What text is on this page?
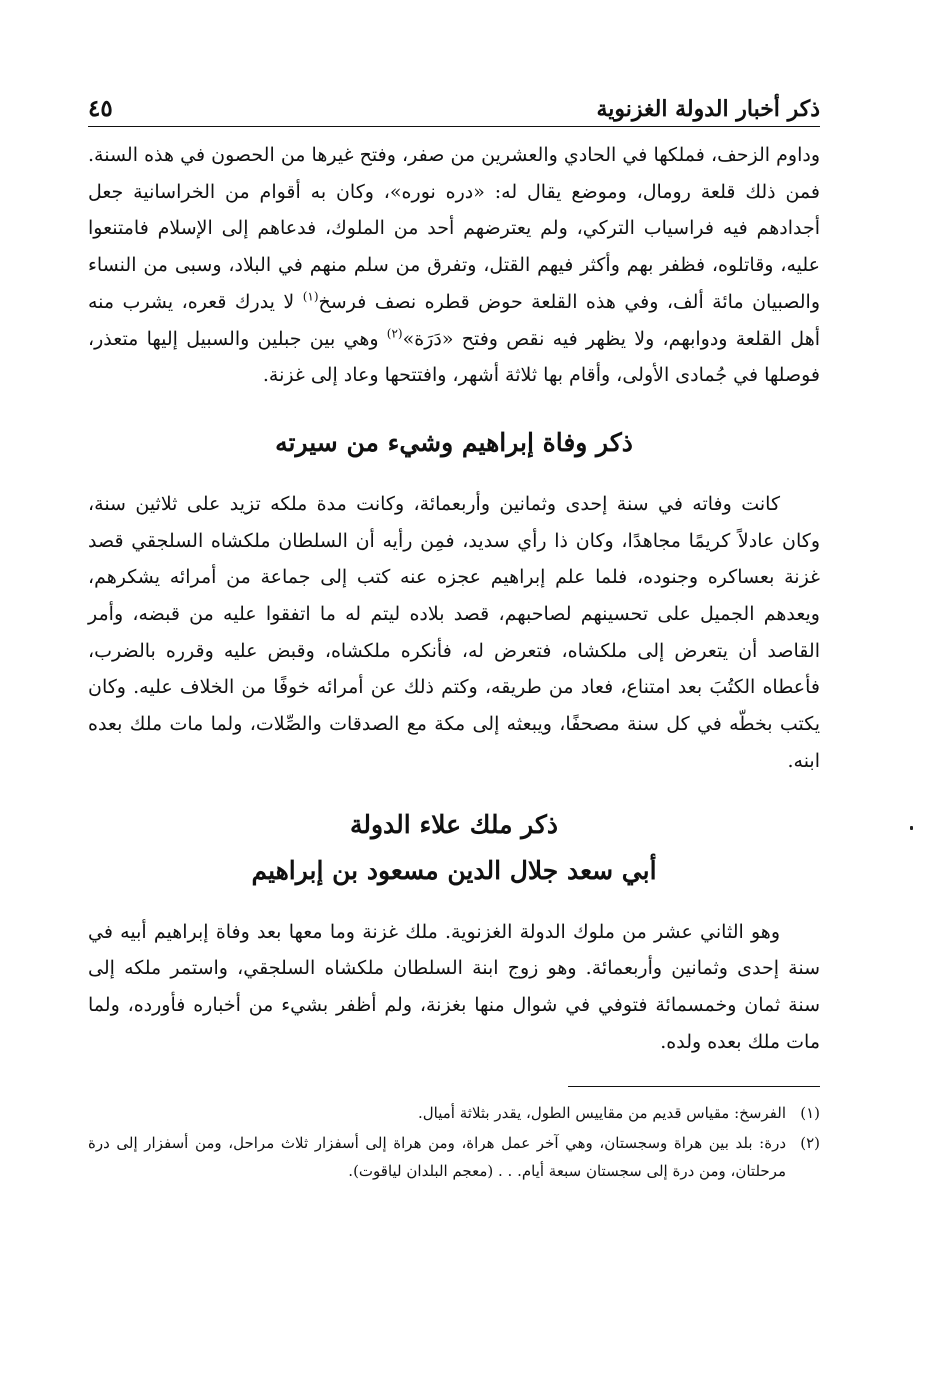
ذكر أخبار الدولة الغزنوية
٤٥

وداوم الزحف، فملكها في الحادي والعشرين من صفر، وفتح غيرها من الحصون في هذه السنة. فمن ذلك قلعة رومال، وموضع يقال له: «دره نوره»، وكان به أقوام من الخراسانية جعل أجدادهم فيه فراسياب التركي، ولم يعترضهم أحد من الملوك، فدعاهم إلى الإسلام فامتنعوا عليه، وقاتلوه، فظفر بهم وأكثر فيهم القتل، وتفرق من سلم منهم في البلاد، وسبى من النساء والصبيان مائة ألف، وفي هذه القلعة حوض قطره نصف فرسخ$^{(١)}$ لا يدرك قعره، يشرب منه أهل القلعة ودوابهم، ولا يظهر فيه نقص وفتح «دَرَة»$^{(٢)}$ وهي بين جبلين والسبيل إليها متعذر، فوصلها في جُمادى الأولى، وأقام بها ثلاثة أشهر، وافتتحها وعاد إلى غزنة.

ذكر وفاة إبراهيم وشيء من سيرته

كانت وفاته في سنة إحدى وثمانين وأربعمائة، وكانت مدة ملكه تزيد على ثلاثين سنة، وكان عادلاً كريمًا مجاهدًا، وكان ذا رأي سديد، فمِن رأيه أن السلطان ملكشاه السلجقي قصد غزنة بعساكره وجنوده، فلما علم إبراهيم عجزه عنه كتب إلى جماعة من أمرائه يشكرهم، ويعدهم الجميل على تحسينهم لصاحبهم، قصد بلاده ليتم له ما اتفقوا عليه من قبضه، وأمر القاصد أن يتعرض إلى ملكشاه، فتعرض له، فأنكره ملكشاه، وقبض عليه وقرره بالضرب، فأعطاه الكتُبَ بعد امتناع، فعاد من طريقه، وكتم ذلك عن أمرائه خوفًا من الخلاف عليه. وكان يكتب بخطّه في كل سنة مصحفًا، ويبعثه إلى مكة مع الصدقات والصِّلات، ولما مات ملك بعده ابنه.

ذكر ملك علاء الدولة
أبي سعد جلال الدين مسعود بن إبراهيم

وهو الثاني عشر من ملوك الدولة الغزنوية. ملك غزنة وما معها بعد وفاة إبراهيم أبيه في سنة إحدى وثمانين وأربعمائة. وهو زوج ابنة السلطان ملكشاه السلجقي، واستمر ملكه إلى سنة ثمان وخمسمائة فتوفي في شوال منها بغزنة، ولم أظفر بشيء من أخباره فأورده، ولما مات ملك بعده ولده.

(١)
الفرسخ: مقياس قديم من مقاييس الطول، يقدر بثلاثة أميال.
(٢)
درة: بلد بين هراة وسجستان، وهي آخر عمل هراة، ومن هراة إلى أسفزار ثلاث مراحل، ومن أسفزار إلى درة مرحلتان، ومن درة إلى سجستان سبعة أيام. . . (معجم البلدان لياقوت).
